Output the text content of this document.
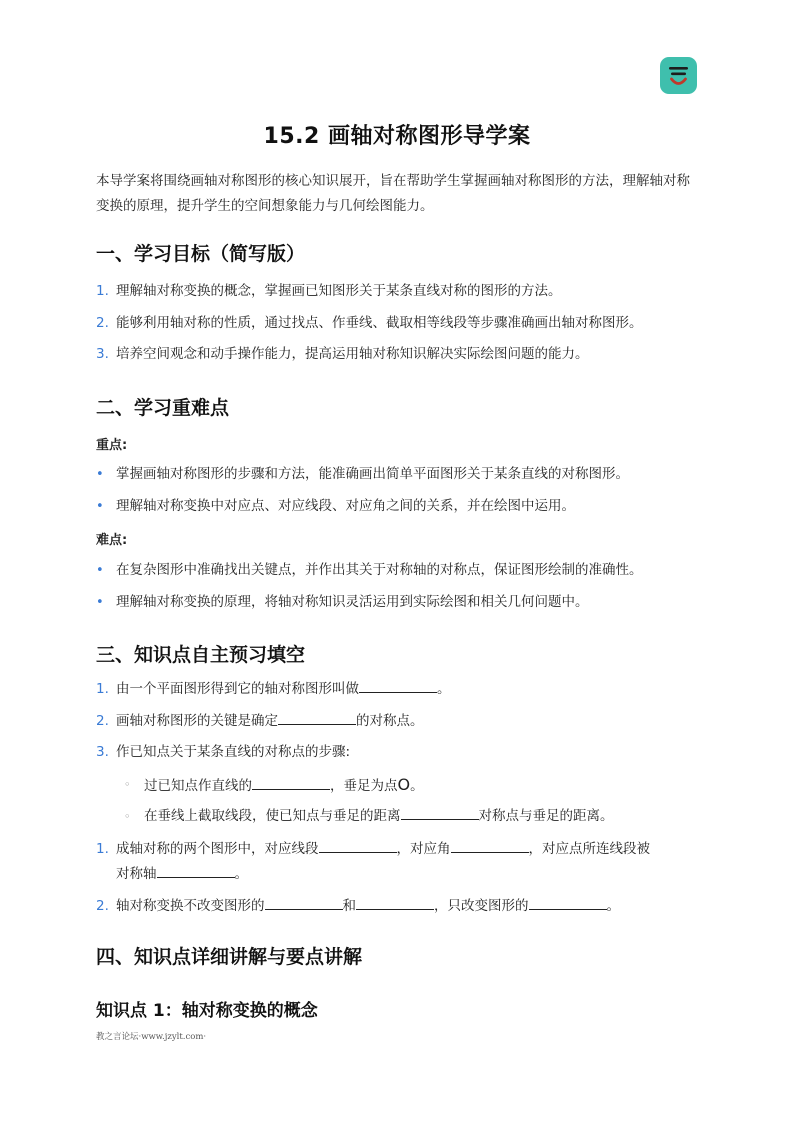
15.2 画轴对称图形导学案

本导学案将围绕画轴对称图形的核心知识展开，旨在帮助学生掌握画轴对称图形的方法，理解轴对称变换的原理，提升学生的空间想象能力与几何绘图能力。

一、学习目标（简写版）
1. 理解轴对称变换的概念，掌握画已知图形关于某条直线对称的图形的方法。
2. 能够利用轴对称的性质，通过找点、作垂线、截取相等线段等步骤准确画出轴对称图形。
3. 培养空间观念和动手操作能力，提高运用轴对称知识解决实际绘图问题的能力。
二、学习重难点
重点:
• 掌握画轴对称图形的步骤和方法，能准确画出简单平面图形关于某条直线的对称图形。
• 理解轴对称变换中对应点、对应线段、对应角之间的关系，并在绘图中运用。
难点:
• 在复杂图形中准确找出关键点，并作出其关于对称轴的对称点，保证图形绘制的准确性。
• 理解轴对称变换的原理，将轴对称知识灵活运用到实际绘图和相关几何问题中。
三、知识点自主预习填空
1. 由一个平面图形得到它的轴对称图形叫做	。
2. 画轴对称图形的关键是确定	的对称点。
3. 作已知点关于某条直线的对称点的步骤:
◦ 过已知点作直线的	，垂足为点O。
◦ 在垂线上截取线段，使已知点与垂足的距离	对称点与垂足的距离。
1. 成轴对称的两个图形中，对应线段	，对应角	，对应点所连线段被
对称轴	。
2. 轴对称变换不改变图形的	和	，只改变图形的	。
四、知识点详细讲解与要点讲解
知识点 1：轴对称变换的概念
教之言论坛·www.jzylt.com·
